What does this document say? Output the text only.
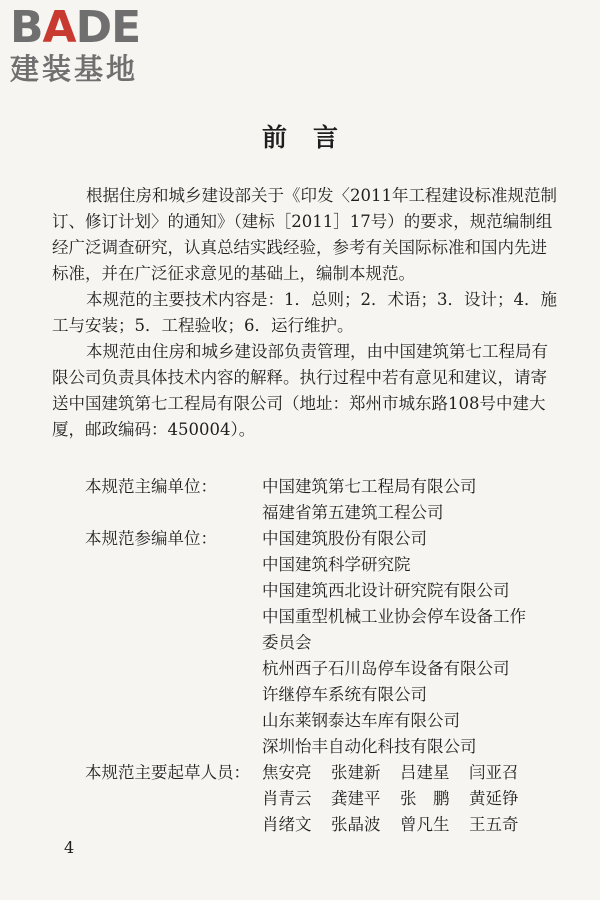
BADE
建装基地
前言

根据住房和城乡建设部关于《印发〈2011年工程建设标准规范制订、修订计划〉的通知》（建标［2011］17号）的要求，规范编制组经广泛调查研究，认真总结实践经验，参考有关国际标准和国内先进标准，并在广泛征求意见的基础上，编制本规范。

本规范的主要技术内容是：1．总则；2．术语；3．设计；4．施工与安装；5．工程验收；6．运行维护。

本规范由住房和城乡建设部负责管理，由中国建筑第七工程局有限公司负责具体技术内容的解释。执行过程中若有意见和建议，请寄送中国建筑第七工程局有限公司（地址：郑州市城东路108号中建大厦，邮政编码：450004）。

本规范主编单位：	中国建筑第七工程局有限公司
福建省第五建筑工程公司
本规范参编单位：	中国建筑股份有限公司
中国建筑科学研究院
中国建筑西北设计研究院有限公司
中国重型机械工业协会停车设备工作
委员会
杭州西子石川岛停车设备有限公司
许继停车系统有限公司
山东莱钢泰达车库有限公司
深圳怡丰自动化科技有限公司
本规范主要起草人员： 焦安亮 张建新 吕建星 闫亚召
肖青云 龚建平 张　鹏 黄延铮
肖绪文 张晶波 曾凡生 王五奇
4
